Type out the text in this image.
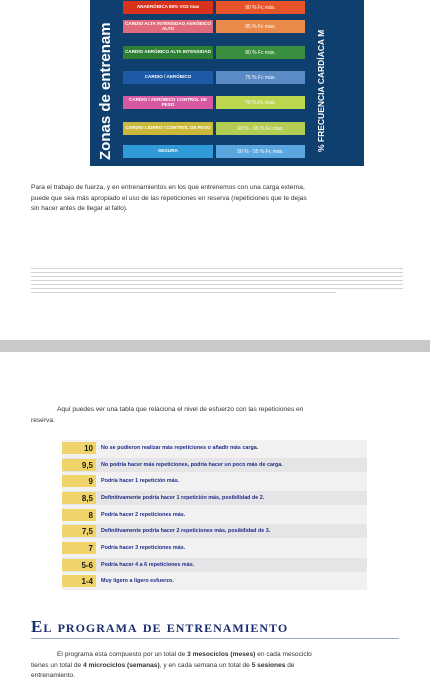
Zonas de entrenam	% FRECUENCIA CARDÍACA M
ANAERÓBICA 86% VO2 max	90 % Fc máx.
CARDIO ALTA INTENSIDAD AERÓBICO ALTO	85 % Fc máx.
CARDIO AERÓBICO ALTA INTENSIDAD	80 % Fc máx.
CARDIO / AERÓBICO	75 % Fc máx.
CARDIO / AERÓBICO CONTROL DE PESO	70 % Fc máx.
CARDIO LIGERO / CONTROL DE PESO	60 % - 65 % Fc máx.
SEGURA	50 % - 55 % Fc máx.
Para el trabajo de fuerza, y en entrenamientos en los que entrenemos con una carga externa,
puede que sea más apropiado el uso de las repeticiones en reserva (repeticiones que te dejas
sin hacer antes de llegar al fallo).
Aquí puedes ver una tabla que relaciona el nivel de esfuerzo con las repeticiones en
reserva.
10	No se pudieron realizar más repeticiones o añadir más carga.
9,5	No podría hacer más repeticiones, podría hacer un poco más de carga.
9	Podría hacer 1 repetición más.
8,5	Definitivamente podría hacer 1 repetición más, posibilidad de 2.
8	Podría hacer 2 repeticiones más.
7,5	Definitivamente podría hacer 2 repeticiones más, posibilidad de 3.
7	Podría hacer 3 repeticiones más.
5-6	Podría hacer 4 a 6 repeticiones más.
1-4	Muy ligero a ligero esfuerzo.
El programa de entrenamiento
El programa esta compuesto por un total de 3 mesociclos (meses) en cada mesociclo
tienes un total de 4 microciclos (semanas), y en cada semana un total de 5 sesiones de
entrenamiento.
